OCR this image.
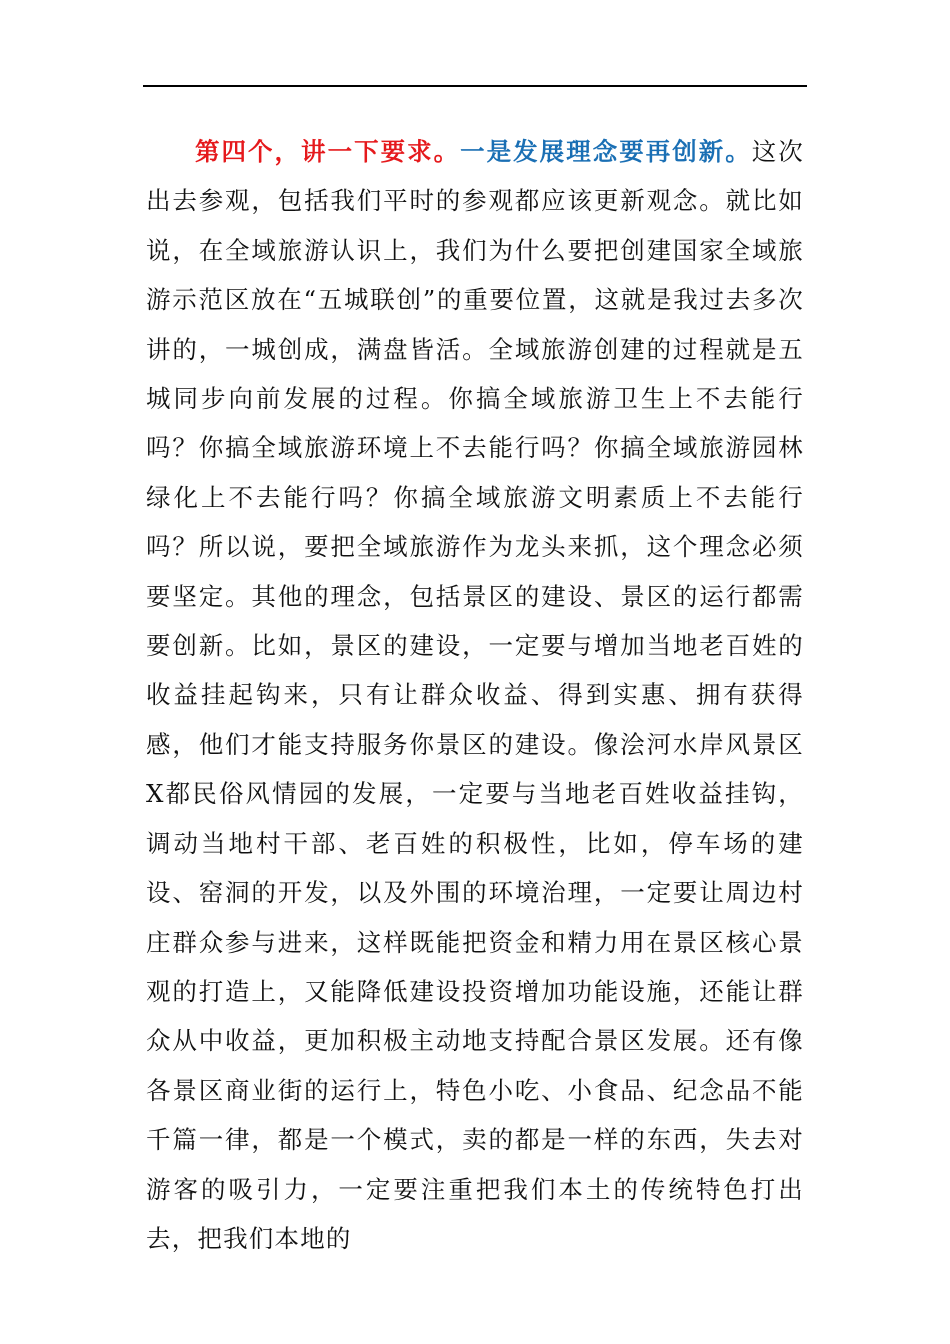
第四个，讲一下要求。一是发展理念要再创新。这次出去参观，包括我们平时的参观都应该更新观念。就比如说，在全域旅游认识上，我们为什么要把创建国家全域旅游示范区放在“五城联创”的重要位置，这就是我过去多次讲的，一城创成，满盘皆活。全域旅游创建的过程就是五城同步向前发展的过程。你搞全域旅游卫生上不去能行吗？你搞全域旅游环境上不去能行吗？你搞全域旅游园林绿化上不去能行吗？你搞全域旅游文明素质上不去能行吗？所以说，要把全域旅游作为龙头来抓，这个理念必须要坚定。其他的理念，包括景区的建设、景区的运行都需要创新。比如，景区的建设，一定要与增加当地老百姓的收益挂起钩来，只有让群众收益、得到实惠、拥有获得感，他们才能支持服务你景区的建设。像浍河水岸风景区X都民俗风情园的发展，一定要与当地老百姓收益挂钩，调动当地村干部、老百姓的积极性，比如，停车场的建设、窑洞的开发，以及外围的环境治理，一定要让周边村庄群众参与进来，这样既能把资金和精力用在景区核心景观的打造上，又能降低建设投资增加功能设施，还能让群众从中收益，更加积极主动地支持配合景区发展。还有像各景区商业街的运行上，特色小吃、小食品、纪念品不能千篇一律，都是一个模式，卖的都是一样的东西，失去对游客的吸引力，一定要注重把我们本土的传统特色打出去，把我们本地的
